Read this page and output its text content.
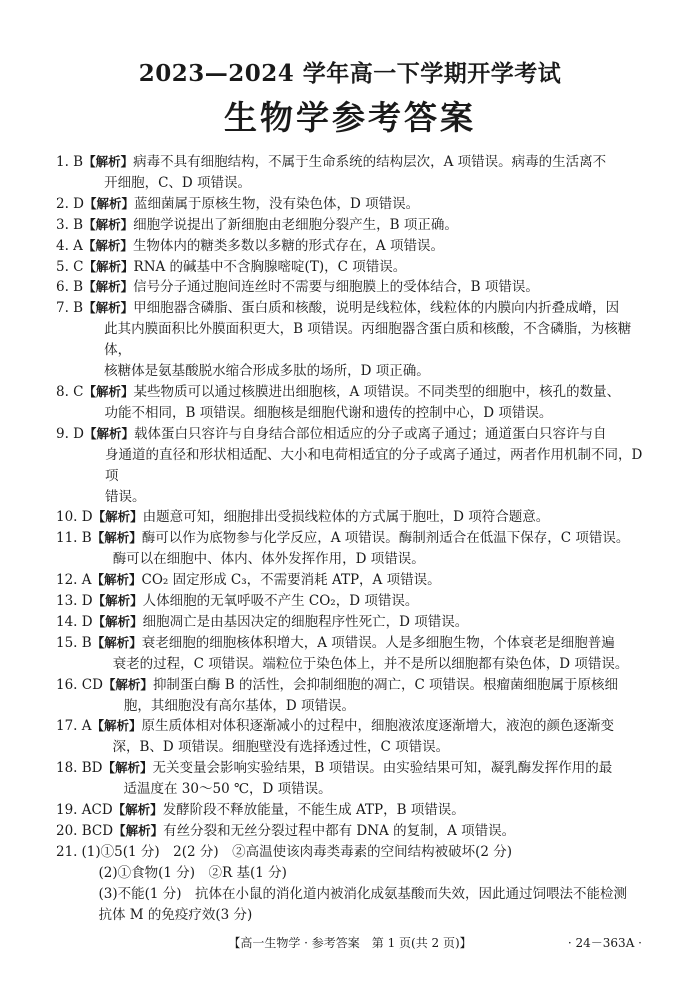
2023—2024 学年高一下学期开学考试
生物学参考答案
1. B 【解析】病毒不具有细胞结构，不属于生命系统的结构层次，A 项错误。病毒的生活离不
开细胞，C、D 项错误。
2. D 【解析】蓝细菌属于原核生物，没有染色体，D 项错误。
3. B 【解析】细胞学说提出了新细胞由老细胞分裂产生，B 项正确。
4. A 【解析】生物体内的糖类多数以多糖的形式存在，A 项错误。
5. C 【解析】RNA 的碱基中不含胸腺嘧啶(T)，C 项错误。
6. B 【解析】信号分子通过胞间连丝时不需要与细胞膜上的受体结合，B 项错误。
7. B 【解析】甲细胞器含磷脂、蛋白质和核酸，说明是线粒体，线粒体的内膜向内折叠成嵴，因
此其内膜面积比外膜面积更大，B 项错误。丙细胞器含蛋白质和核酸，不含磷脂，为核糖体，
核糖体是氨基酸脱水缩合形成多肽的场所，D 项正确。
8. C 【解析】某些物质可以通过核膜进出细胞核，A 项错误。不同类型的细胞中，核孔的数量、
功能不相同，B 项错误。细胞核是细胞代谢和遗传的控制中心，D 项错误。
9. D 【解析】载体蛋白只容许与自身结合部位相适应的分子或离子通过；通道蛋白只容许与自
身通道的直径和形状相适配、大小和电荷相适宜的分子或离子通过，两者作用机制不同，D 项
错误。
10. D 【解析】由题意可知，细胞排出受损线粒体的方式属于胞吐，D 项符合题意。
11. B 【解析】酶可以作为底物参与化学反应，A 项错误。酶制剂适合在低温下保存，C 项错误。
酶可以在细胞中、体内、体外发挥作用，D 项错误。
12. A 【解析】CO₂ 固定形成 C₃，不需要消耗 ATP，A 项错误。
13. D 【解析】人体细胞的无氧呼吸不产生 CO₂，D 项错误。
14. D 【解析】细胞凋亡是由基因决定的细胞程序性死亡，D 项错误。
15. B 【解析】衰老细胞的细胞核体积增大，A 项错误。人是多细胞生物，个体衰老是细胞普遍
衰老的过程，C 项错误。端粒位于染色体上，并不是所以细胞都有染色体，D 项错误。
16. CD 【解析】抑制蛋白酶 B 的活性，会抑制细胞的凋亡，C 项错误。根瘤菌细胞属于原核细
胞，其细胞没有高尔基体，D 项错误。
17. A 【解析】原生质体相对体积逐渐减小的过程中，细胞液浓度逐渐增大，液泡的颜色逐渐变
深，B、D 项错误。细胞壁没有选择透过性，C 项错误。
18. BD 【解析】无关变量会影响实验结果，B 项错误。由实验结果可知，凝乳酶发挥作用的最
适温度在 30～50 ℃，D 项错误。
19. ACD 【解析】发酵阶段不释放能量，不能生成 ATP，B 项错误。
20. BCD 【解析】有丝分裂和无丝分裂过程中都有 DNA 的复制，A 项错误。
21. (1)①5(1 分)　2(2 分)　②高温使该肉毒类毒素的空间结构被破坏(2 分)
(2)①食物(1 分)　②R 基(1 分)
(3)不能(1 分)　抗体在小鼠的消化道内被消化成氨基酸而失效，因此通过饲喂法不能检测
抗体 M 的免疫疗效(3 分)
【高一生物学 · 参考答案　第 1 页(共 2 页)】	· 24－363A ·
